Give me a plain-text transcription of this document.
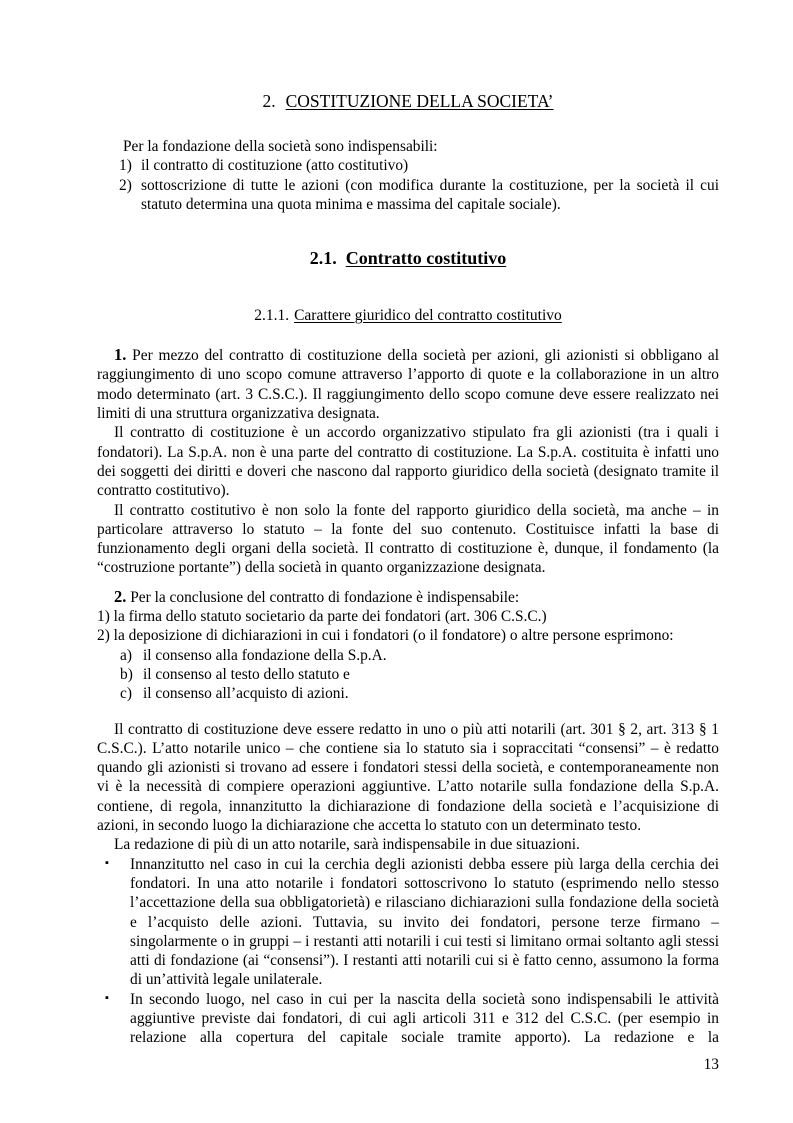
2. COSTITUZIONE DELLA SOCIETA’
Per la fondazione della società sono indispensabili:
1) il contratto di costituzione (atto costitutivo)
2) sottoscrizione di tutte le azioni (con modifica durante la costituzione, per la società il cui statuto determina una quota minima e massima del capitale sociale).
2.1. Contratto costitutivo
2.1.1. Carattere giuridico del contratto costitutivo

1. Per mezzo del contratto di costituzione della società per azioni, gli azionisti si obbligano al raggiungimento di uno scopo comune attraverso l’apporto di quote e la collaborazione in un altro modo determinato (art. 3 C.S.C.). Il raggiungimento dello scopo comune deve essere realizzato nei limiti di una struttura organizzativa designata.

Il contratto di costituzione è un accordo organizzativo stipulato fra gli azionisti (tra i quali i fondatori). La S.p.A. non è una parte del contratto di costituzione. La S.p.A. costituita è infatti uno dei soggetti dei diritti e doveri che nascono dal rapporto giuridico della società (designato tramite il contratto costitutivo).

Il contratto costitutivo è non solo la fonte del rapporto giuridico della società, ma anche – in particolare attraverso lo statuto – la fonte del suo contenuto. Costituisce infatti la base di funzionamento degli organi della società. Il contratto di costituzione è, dunque, il fondamento (la “costruzione portante”) della società in quanto organizzazione designata.

2. Per la conclusione del contratto di fondazione è indispensabile:

1) la firma dello statuto societario da parte dei fondatori (art. 306 C.S.C.)
2) la deposizione di dichiarazioni in cui i fondatori (o il fondatore) o altre persone esprimono:
a) il consenso alla fondazione della S.p.A.
b) il consenso al testo dello statuto e
c) il consenso all’acquisto di azioni.

Il contratto di costituzione deve essere redatto in uno o più atti notarili (art. 301 § 2, art. 313 § 1 C.S.C.). L’atto notarile unico – che contiene sia lo statuto sia i sopraccitati “consensi” – è redatto quando gli azionisti si trovano ad essere i fondatori stessi della società, e contemporaneamente non vi è la necessità di compiere operazioni aggiuntive. L’atto notarile sulla fondazione della S.p.A. contiene, di regola, innanzitutto la dichiarazione di fondazione della società e l’acquisizione di azioni, in secondo luogo la dichiarazione che accetta lo statuto con un determinato testo.

La redazione di più di un atto notarile, sarà indispensabile in due situazioni.

▪ Innanzitutto nel caso in cui la cerchia degli azionisti debba essere più larga della cerchia dei fondatori. In una atto notarile i fondatori sottoscrivono lo statuto (esprimendo nello stesso l’accettazione della sua obbligatorietà) e rilasciano dichiarazioni sulla fondazione della società e l’acquisto delle azioni. Tuttavia, su invito dei fondatori, persone terze firmano – singolarmente o in gruppi – i restanti atti notarili i cui testi si limitano ormai soltanto agli stessi atti di fondazione (ai “consensi”). I restanti atti notarili cui si è fatto cenno, assumono la forma di un’attività legale unilaterale.
▪ In secondo luogo, nel caso in cui per la nascita della società sono indispensabili le attività aggiuntive previste dai fondatori, di cui agli articoli 311 e 312 del C.S.C. (per esempio in relazione alla copertura del capitale sociale tramite apporto). La redazione e la
13
